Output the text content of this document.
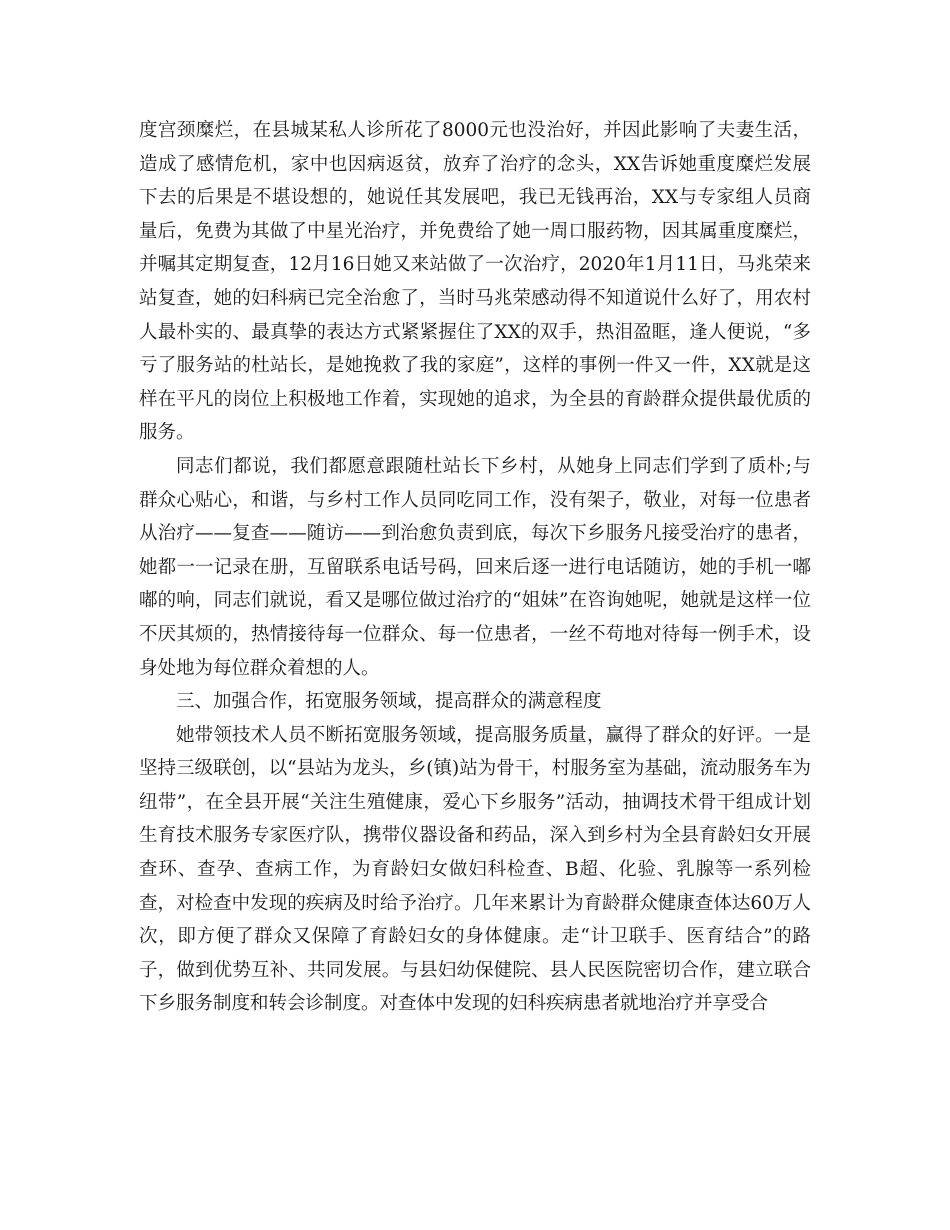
度宫颈糜烂，在县城某私人诊所花了8000元也没治好，并因此影响了夫妻生活，造成了感情危机，家中也因病返贫，放弃了治疗的念头，XX告诉她重度糜烂发展下去的后果是不堪设想的，她说任其发展吧，我已无钱再治，XX与专家组人员商量后，免费为其做了中星光治疗，并免费给了她一周口服药物，因其属重度糜烂，并嘱其定期复查，12月16日她又来站做了一次治疗，2020年1月11日，马兆荣来站复查，她的妇科病已完全治愈了，当时马兆荣感动得不知道说什么好了，用农村人最朴实的、最真挚的表达方式紧紧握住了XX的双手，热泪盈眶，逢人便说，“多亏了服务站的杜站长，是她挽救了我的家庭”，这样的事例一件又一件，XX就是这样在平凡的岗位上积极地工作着，实现她的追求，为全县的育龄群众提供最优质的服务。

同志们都说，我们都愿意跟随杜站长下乡村，从她身上同志们学到了质朴;与群众心贴心，和谐，与乡村工作人员同吃同工作，没有架子，敬业，对每一位患者从治疗——复查——随访——到治愈负责到底，每次下乡服务凡接受治疗的患者，她都一一记录在册，互留联系电话号码，回来后逐一进行电话随访，她的手机一嘟嘟的响，同志们就说，看又是哪位做过治疗的“姐妹”在咨询她呢，她就是这样一位不厌其烦的，热情接待每一位群众、每一位患者，一丝不苟地对待每一例手术，设身处地为每位群众着想的人。

三、加强合作，拓宽服务领域，提高群众的满意程度

她带领技术人员不断拓宽服务领域，提高服务质量，赢得了群众的好评。一是坚持三级联创，以“县站为龙头，乡(镇)站为骨干，村服务室为基础，流动服务车为纽带”，在全县开展“关注生殖健康，爱心下乡服务”活动，抽调技术骨干组成计划生育技术服务专家医疗队，携带仪器设备和药品，深入到乡村为全县育龄妇女开展查环、查孕、查病工作，为育龄妇女做妇科检查、B超、化验、乳腺等一系列检查，对检查中发现的疾病及时给予治疗。几年来累计为育龄群众健康查体达60万人次，即方便了群众又保障了育龄妇女的身体健康。走“计卫联手、医育结合”的路子，做到优势互补、共同发展。与县妇幼保健院、县人民医院密切合作，建立联合下乡服务制度和转会诊制度。对查体中发现的妇科疾病患者就地治疗并享受合
